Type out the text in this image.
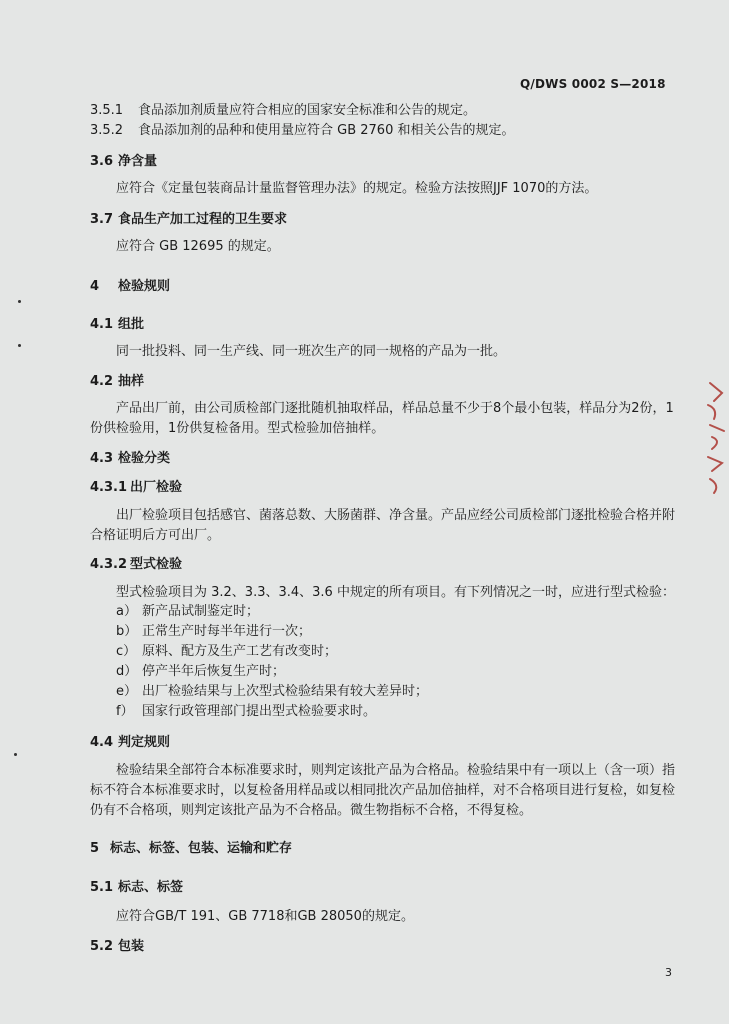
Q/DWS 0002 S—2018
3.5.1 食品添加剂质量应符合相应的国家安全标准和公告的规定。
3.5.2 食品添加剂的品种和使用量应符合 GB 2760 和相关公告的规定。
3.6 净含量
应符合《定量包装商品计量监督管理办法》的规定。检验方法按照JJF 1070的方法。
3.7 食品生产加工过程的卫生要求
应符合 GB 12695 的规定。
4 检验规则
4.1 组批
同一批投料、同一生产线、同一班次生产的同一规格的产品为一批。
4.2 抽样
产品出厂前，由公司质检部门逐批随机抽取样品，样品总量不少于8个最小包装，样品分为2份，1
份供检验用，1份供复检备用。型式检验加倍抽样。
4.3 检验分类
4.3.1 出厂检验
出厂检验项目包括感官、菌落总数、大肠菌群、净含量。产品应经公司质检部门逐批检验合格并附
合格证明后方可出厂。
4.3.2 型式检验
型式检验项目为 3.2、3.3、3.4、3.6 中规定的所有项目。有下列情况之一时，应进行型式检验：
a） 新产品试制鉴定时；
b） 正常生产时每半年进行一次；
c） 原料、配方及生产工艺有改变时；
d） 停产半年后恢复生产时；
e） 出厂检验结果与上次型式检验结果有较大差异时；
f） 国家行政管理部门提出型式检验要求时。
4.4 判定规则
检验结果全部符合本标准要求时，则判定该批产品为合格品。检验结果中有一项以上（含一项）指
标不符合本标准要求时，以复检备用样品或以相同批次产品加倍抽样，对不合格项目进行复检，如复检
仍有不合格项，则判定该批产品为不合格品。微生物指标不合格，不得复检。
5 标志、标签、包装、运输和贮存
5.1 标志、标签
应符合GB/T 191、GB 7718和GB 28050的规定。
5.2 包装
3
